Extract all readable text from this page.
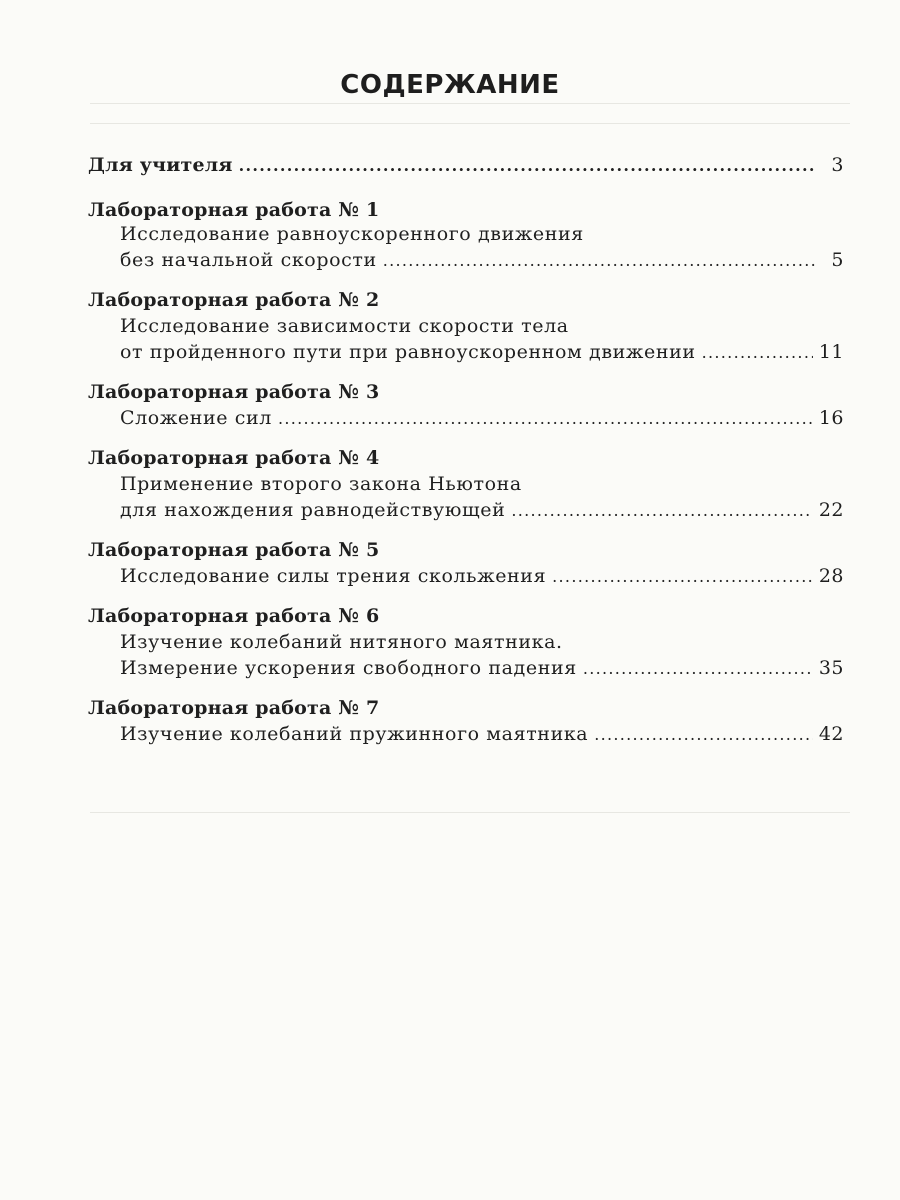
СОДЕРЖАНИЕ
Для учителя .....	3
Лабораторная работа № 1
Исследование равноускоренного движения
без начальной скорости .....	5
Лабораторная работа № 2
Исследование зависимости скорости тела
от пройденного пути при равноускоренном движении .....	11
Лабораторная работа № 3
Сложение сил .....	16
Лабораторная работа № 4
Применение второго закона Ньютона
для нахождения равнодействующей .....	22
Лабораторная работа № 5
Исследование силы трения скольжения .....	28
Лабораторная работа № 6
Изучение колебаний нитяного маятника.
Измерение ускорения свободного падения .....	35
Лабораторная работа № 7
Изучение колебаний пружинного маятника .....	42
